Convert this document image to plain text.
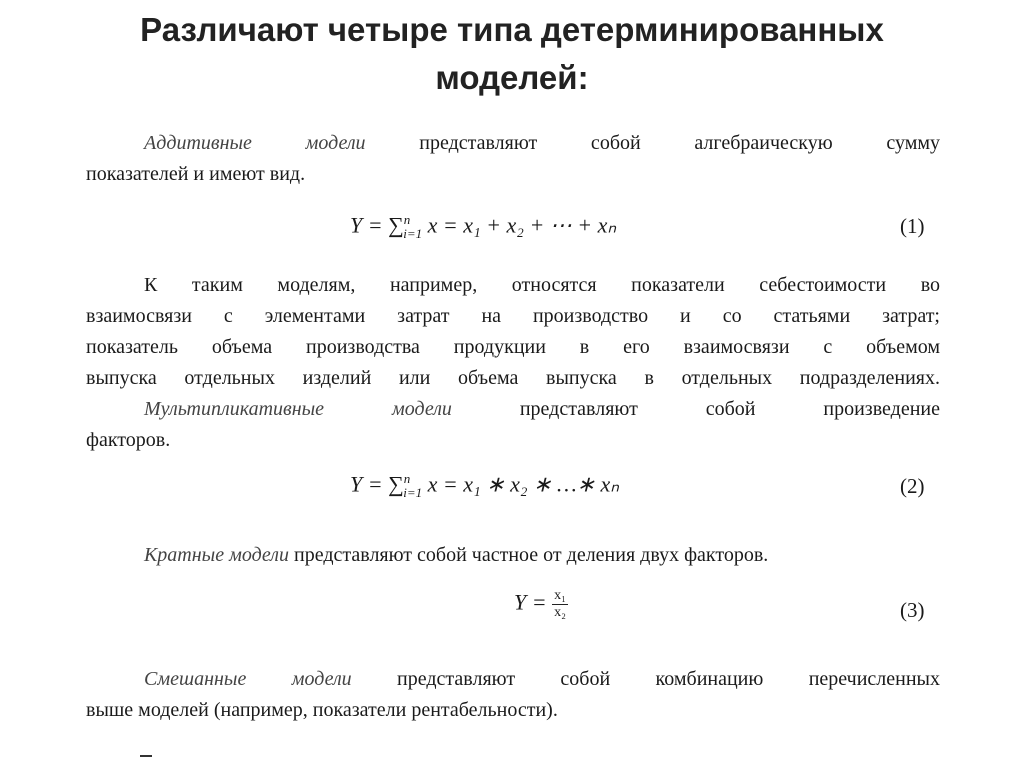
Различают четыре типа детерминированных
моделей:
Аддитивные модели	представляют собой алгебраическую сумму
показателей и имеют вид.
Y = ∑$^n_{i=1}$ x = x₁ + x₂ + ⋯ + xₙ	(1)
К таким моделям, например, относятся показатели себестоимости во
взаимосвязи с элементами затрат на производство и со статьями затрат;
показатель объема производства продукции в его взаимосвязи с объемом
выпуска отдельных изделий или объема выпуска в отдельных подразделениях.
Мультипликативные модели	представляют собой произведение
факторов.
Y = ∑$^n_{i=1}$ x = x₁ ∗ x₂ ∗ …∗ xₙ	(2)
Кратные модели представляют собой частное от деления двух факторов.
$Y = \frac{\text{x₁}}{\text{x₂}}$	(3)
Смешанные модели представляют собой комбинацию перечисленных
выше моделей (например, показатели рентабельности).
